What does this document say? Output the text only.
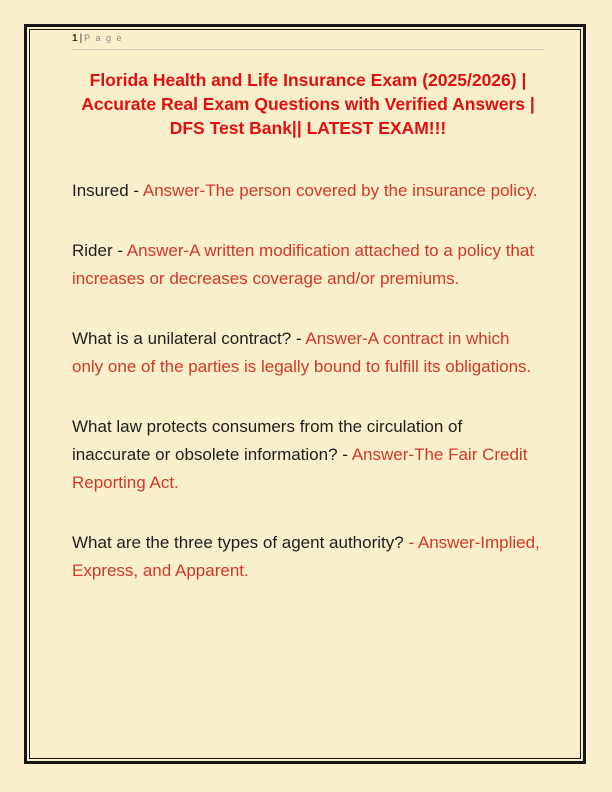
1 | P a g e
Florida Health and Life Insurance Exam (2025/2026) |
Accurate Real Exam Questions with Verified Answers |
DFS Test Bank|| LATEST EXAM!!!

Insured - Answer-The person covered by the insurance policy.

Rider - Answer-A written modification attached to a policy that increases or decreases coverage and/or premiums.

What is a unilateral contract? - Answer-A contract in which only one of the parties is legally bound to fulfill its obligations.

What law protects consumers from the circulation of inaccurate or obsolete information? - Answer-The Fair Credit Reporting Act.

What are the three types of agent authority? - Answer-Implied, Express, and Apparent.
